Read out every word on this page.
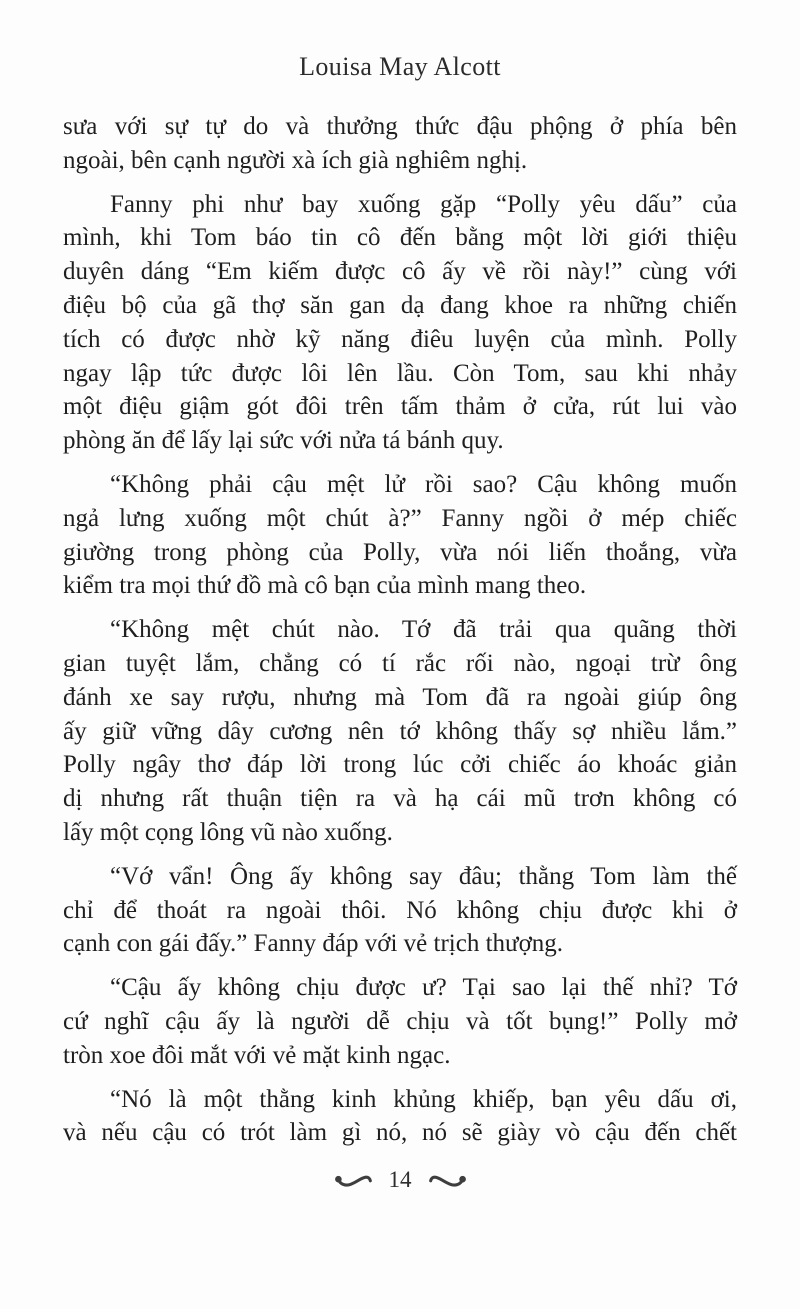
Louisa May Alcott
sưa với sự tự do và thưởng thức đậu phộng ở phía bên
ngoài, bên cạnh người xà ích già nghiêm nghị.
Fanny phi như bay xuống gặp “Polly yêu dấu” của
mình, khi Tom báo tin cô đến bằng một lời giới thiệu
duyên dáng “Em kiếm được cô ấy về rồi này!” cùng với
điệu bộ của gã thợ săn gan dạ đang khoe ra những chiến
tích có được nhờ kỹ năng điêu luyện của mình. Polly
ngay lập tức được lôi lên lầu. Còn Tom, sau khi nhảy
một điệu giậm gót đôi trên tấm thảm ở cửa, rút lui vào
phòng ăn để lấy lại sức với nửa tá bánh quy.
“Không phải cậu mệt lử rồi sao? Cậu không muốn
ngả lưng xuống một chút à?” Fanny ngồi ở mép chiếc
giường trong phòng của Polly, vừa nói liến thoắng, vừa
kiểm tra mọi thứ đồ mà cô bạn của mình mang theo.
“Không mệt chút nào. Tớ đã trải qua quãng thời
gian tuyệt lắm, chẳng có tí rắc rối nào, ngoại trừ ông
đánh xe say rượu, nhưng mà Tom đã ra ngoài giúp ông
ấy giữ vững dây cương nên tớ không thấy sợ nhiều lắm.”
Polly ngây thơ đáp lời trong lúc cởi chiếc áo khoác giản
dị nhưng rất thuận tiện ra và hạ cái mũ trơn không có
lấy một cọng lông vũ nào xuống.
“Vớ vẩn! Ông ấy không say đâu; thằng Tom làm thế
chỉ để thoát ra ngoài thôi. Nó không chịu được khi ở
cạnh con gái đấy.” Fanny đáp với vẻ trịch thượng.
“Cậu ấy không chịu được ư? Tại sao lại thế nhỉ? Tớ
cứ nghĩ cậu ấy là người dễ chịu và tốt bụng!” Polly mở
tròn xoe đôi mắt với vẻ mặt kinh ngạc.
“Nó là một thằng kinh khủng khiếp, bạn yêu dấu ơi,
và nếu cậu có trót làm gì nó, nó sẽ giày vò cậu đến chết
14
